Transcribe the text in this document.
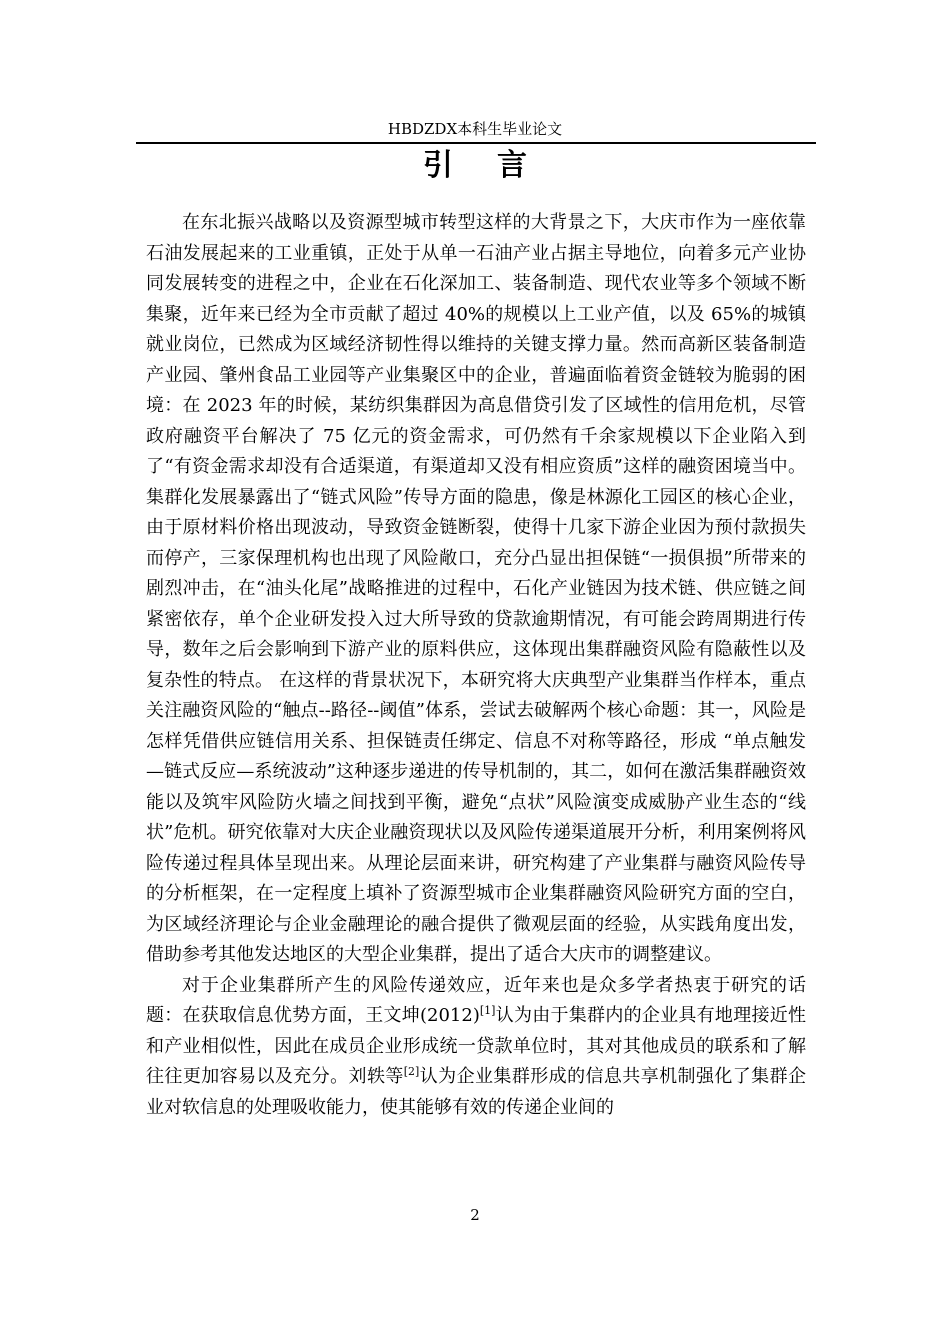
HBDZDX本科生毕业论文
引 言

在东北振兴战略以及资源型城市转型这样的大背景之下，大庆市作为一座依靠石油发展起来的工业重镇，正处于从单一石油产业占据主导地位，向着多元产业协同发展转变的进程之中，企业在石化深加工、装备制造、现代农业等多个领域不断集聚，近年来已经为全市贡献了超过 40%的规模以上工业产值，以及 65%的城镇就业岗位，已然成为区域经济韧性得以维持的关键支撑力量。然而高新区装备制造产业园、肇州食品工业园等产业集聚区中的企业，普遍面临着资金链较为脆弱的困境：在 2023 年的时候，某纺织集群因为高息借贷引发了区域性的信用危机，尽管政府融资平台解决了 75 亿元的资金需求，可仍然有千余家规模以下企业陷入到了“有资金需求却没有合适渠道，有渠道却又没有相应资质”这样的融资困境当中。集群化发展暴露出了“链式风险”传导方面的隐患，像是林源化工园区的核心企业，由于原材料价格出现波动，导致资金链断裂，使得十几家下游企业因为预付款损失而停产，三家保理机构也出现了风险敞口，充分凸显出担保链“一损俱损”所带来的剧烈冲击，在“油头化尾”战略推进的过程中，石化产业链因为技术链、供应链之间紧密依存，单个企业研发投入过大所导致的贷款逾期情况，有可能会跨周期进行传导，数年之后会影响到下游产业的原料供应，这体现出集群融资风险有隐蔽性以及复杂性的特点。 在这样的背景状况下，本研究将大庆典型产业集群当作样本，重点关注融资风险的“触点--路径--阈值”体系，尝试去破解两个核心命题：其一，风险是怎样凭借供应链信用关系、担保链责任绑定、信息不对称等路径，形成 “单点触发—链式反应—系统波动”这种逐步递进的传导机制的，其二，如何在激活集群融资效能以及筑牢风险防火墙之间找到平衡，避免“点状”风险演变成威胁产业生态的“线状”危机。研究依靠对大庆企业融资现状以及风险传递渠道展开分析，利用案例将风险传递过程具体呈现出来。从理论层面来讲，研究构建了产业集群与融资风险传导的分析框架，在一定程度上填补了资源型城市企业集群融资风险研究方面的空白，为区域经济理论与企业金融理论的融合提供了微观层面的经验，从实践角度出发，借助参考其他发达地区的大型企业集群，提出了适合大庆市的调整建议。

对于企业集群所产生的风险传递效应，近年来也是众多学者热衷于研究的话题：在获取信息优势方面，王文坤(2012)[1]认为由于集群内的企业具有地理接近性和产业相似性，因此在成员企业形成统一贷款单位时，其对其他成员的联系和了解往往更加容易以及充分。刘轶等[2]认为企业集群形成的信息共享机制强化了集群企业对软信息的处理吸收能力，使其能够有效的传递企业间的

2
